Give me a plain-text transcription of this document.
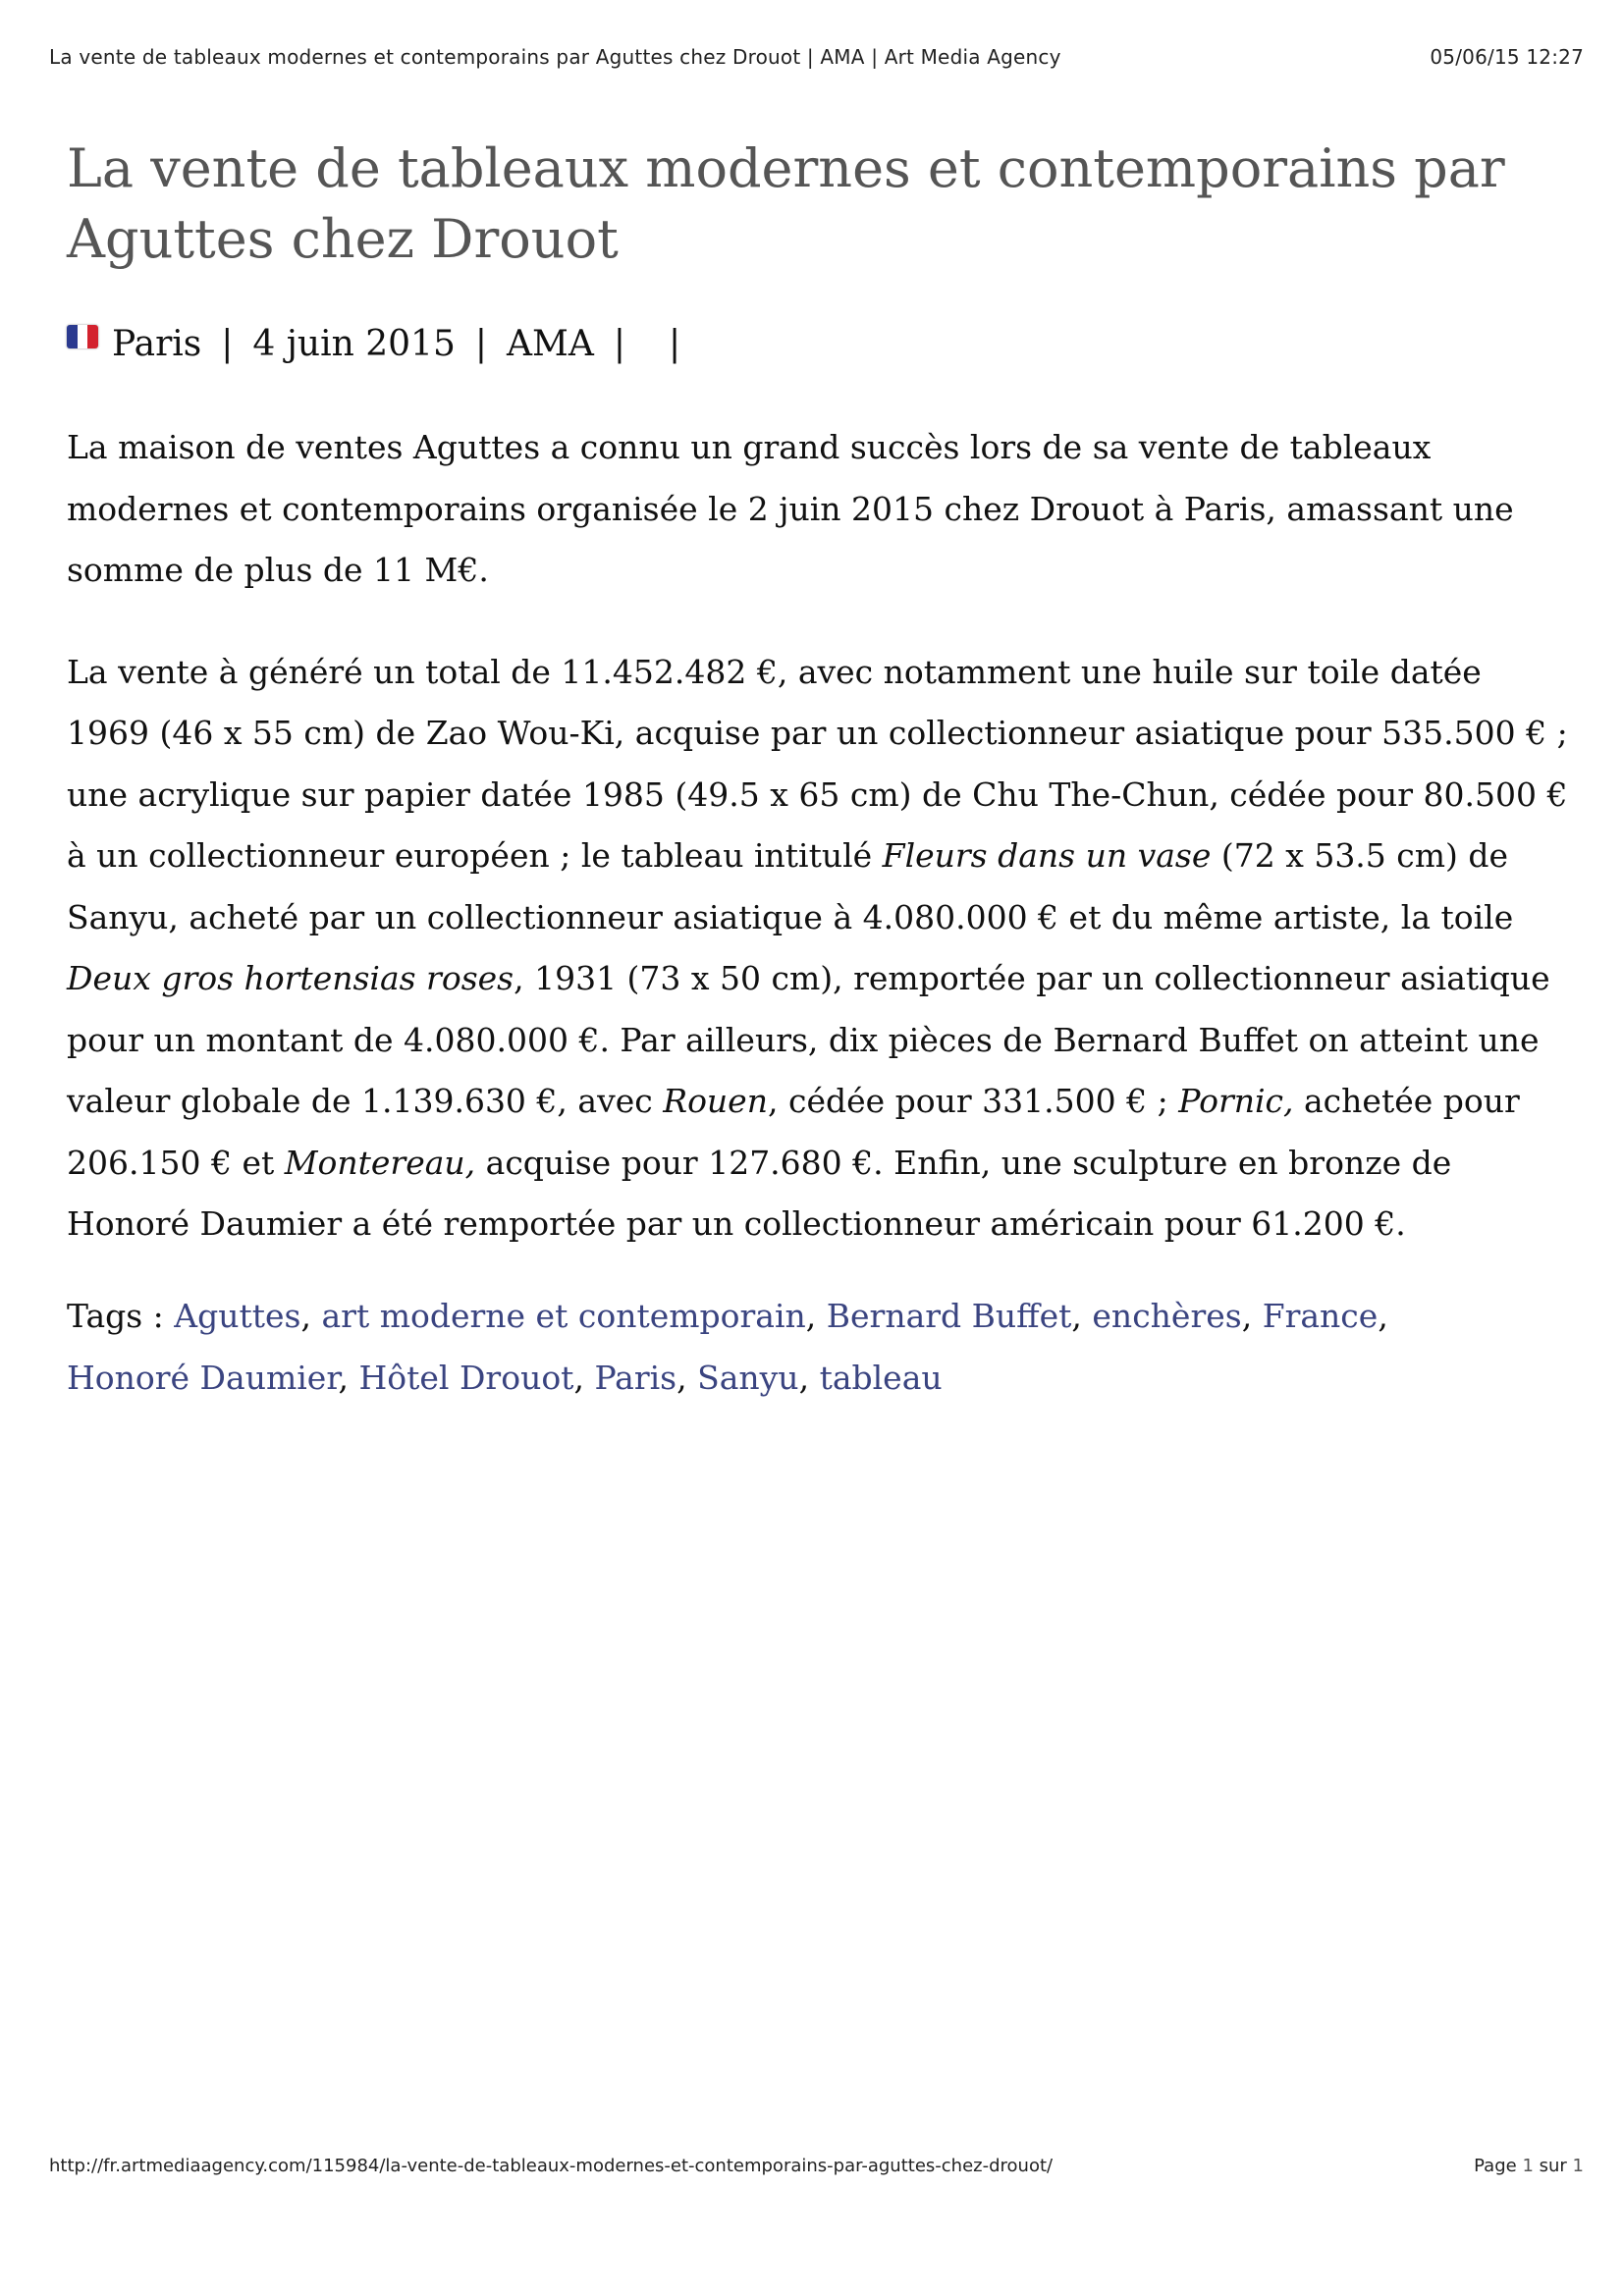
La vente de tableaux modernes et contemporains par Aguttes chez Drouot | AMA | Art Media Agency	05/06/15 12:27
La vente de tableaux modernes et contemporains par Aguttes chez Drouot
Paris | 4 juin 2015 | AMA | |

La maison de ventes Aguttes a connu un grand succès lors de sa vente de tableaux modernes et contemporains organisée le 2 juin 2015 chez Drouot à Paris, amassant une somme de plus de 11 M€.

La vente à généré un total de 11.452.482 €, avec notamment une huile sur toile datée 1969 (46 x 55 cm) de Zao Wou-Ki, acquise par un collectionneur asiatique pour 535.500 € ; une acrylique sur papier datée 1985 (49.5 x 65 cm) de Chu The-Chun, cédée pour 80.500 € à un collectionneur européen ; le tableau intitulé Fleurs dans un vase (72 x 53.5 cm) de Sanyu, acheté par un collectionneur asiatique à 4.080.000 € et du même artiste, la toile Deux gros hortensias roses, 1931 (73 x 50 cm), remportée par un collectionneur asiatique pour un montant de 4.080.000 €. Par ailleurs, dix pièces de Bernard Buffet on atteint une valeur globale de 1.139.630 €, avec Rouen, cédée pour 331.500 € ; Pornic, achetée pour 206.150 € et Montereau, acquise pour 127.680 €. Enfin, une sculpture en bronze de Honoré Daumier a été remportée par un collectionneur américain pour 61.200 €.

Tags : Aguttes, art moderne et contemporain, Bernard Buffet, enchères, France,
Honoré Daumier, Hôtel Drouot, Paris, Sanyu, tableau
http://fr.artmediaagency.com/115984/la-vente-de-tableaux-modernes-et-contemporains-par-aguttes-chez-drouot/	Page 1 sur 1
